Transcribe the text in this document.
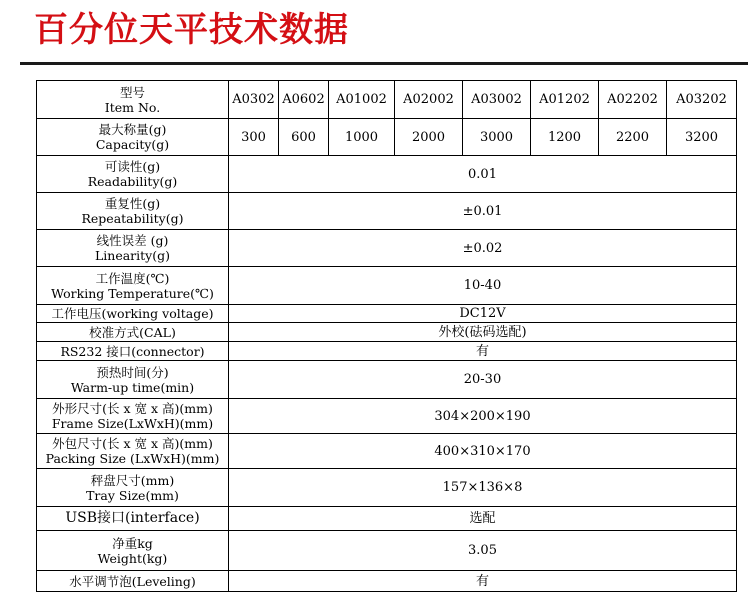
百分位天平技术数据
型号
Item No.	A0302	A0602	A01002	A02002	A03002	A01202	A02202	A03202

最大称量(g)
Capacity(g)	300	600	1000	2000	3000	1200	2200	3200

可读性(g)
Readability(g)	0.01							

重复性(g)
Repeatability(g)	±0.01							

线性误差 (g)
Linearity(g)	±0.02							

工作温度(℃)
Working Temperature(℃)	10-40							
工作电压(working voltage)	DC12V							
校准方式(CAL)	外校(砝码选配)							
RS232 接口(connector)	有							

预热时间(分)
Warm-up time(min)	20-30							

外形尺寸(长 x 宽 x 高)(mm)
Frame Size(LxWxH)(mm)	304×200×190							

外包尺寸(长 x 宽 x 高)(mm)
Packing Size (LxWxH)(mm)	400×310×170							

秤盘尺寸(mm)
Tray Size(mm)	157×136×8							
USB接口(interface)	选配							

净重kg
Weight(kg)	3.05							
水平调节泡(Leveling)	有							
